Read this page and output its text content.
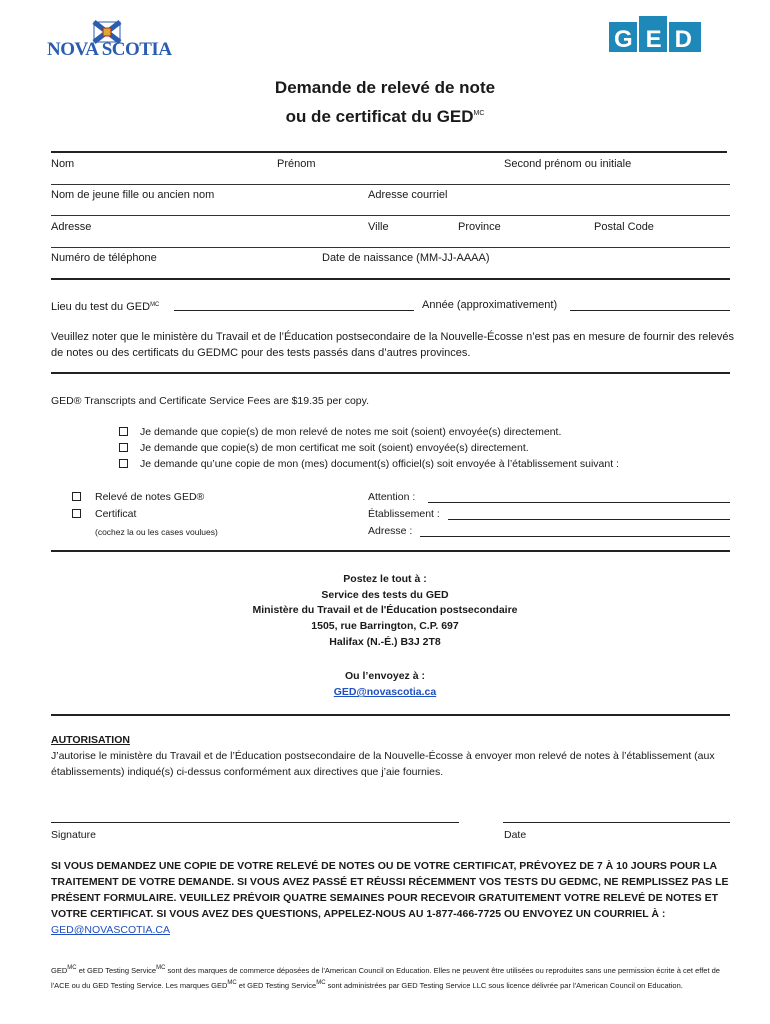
NOVA SCOTIA	GED
Demande de relevé de note
ou de certificat du $GED^{MC}$
Nom	Prénom	Second prénom ou initiale
Nom de jeune fille ou ancien nom	Adresse courriel
Adresse	Ville	Province	Postal Code
Numéro de téléphone	Date de naissance (MM-JJ-AAAA)
Lieu du test du $GED^{MC}$	Année (approximativement)
Veuillez noter que le ministère du Travail et de l’Éducation postsecondaire de la Nouvelle-Écosse n’est pas en mesure de fournir des relevés de notes ou des certificats du GEDMC pour des tests passés dans d’autres provinces.
GED® Transcripts and Certificate Service Fees are $19.35 per copy.
Je demande que copie(s) de mon relevé de notes me soit (soient) envoyée(s) directement.
Je demande que copie(s) de mon certificat me soit (soient) envoyée(s) directement.
Je demande qu’une copie de mon (mes) document(s) officiel(s) soit envoyée à l’établissement suivant :
Relevé de notes GED®
Certificat
(cochez la ou les cases voulues)
Attention :
Établissement :
Adresse :
Postez le tout à :
Service des tests du GED
Ministère du Travail et de l'Éducation postsecondaire
1505, rue Barrington, C.P. 697
Halifax (N.-É.) B3J 2T8
Ou l’envoyez à :
GED@novascotia.ca
AUTORISATION
J’autorise le ministère du Travail et de l’Éducation postsecondaire de la Nouvelle-Écosse à envoyer mon relevé de notes à l’établissement (aux établissements) indiqué(s) ci-dessus conformément aux directives que j’aie fournies.
Signature	Date
SI VOUS DEMANDEZ UNE COPIE DE VOTRE RELEVÉ DE NOTES OU DE VOTRE CERTIFICAT, PRÉVOYEZ DE 7 À 10 JOURS POUR LA TRAITEMENT DE VOTRE DEMANDE. SI VOUS AVEZ PASSÉ ET RÉUSSI RÉCEMMENT VOS TESTS DU GEDMC, NE REMPLISSEZ PAS LE PRÉSENT FORMULAIRE. VEUILLEZ PRÉVOIR QUATRE SEMAINES POUR RECEVOIR GRATUITEMENT VOTRE RELEVÉ DE NOTES ET VOTRE CERTIFICAT. SI VOUS AVEZ DES QUESTIONS, APPELEZ-NOUS AU 1-877-466-7725 OU ENVOYEZ UN COURRIEL À :
GED@NOVASCOTIA.CA
$GED^{MC}$ et GED Testing Service$^{MC}$ sont des marques de commerce déposées de l'American Council on Education. Elles ne peuvent être utilisées ou reproduites sans une permission écrite à cet effet de l'ACE ou du GED Testing Service. Les marques $GED^{MC}$ et GED Testing Service$^{MC}$ sont administrées par GED Testing Service LLC sous licence délivrée par l'American Council on Education.
